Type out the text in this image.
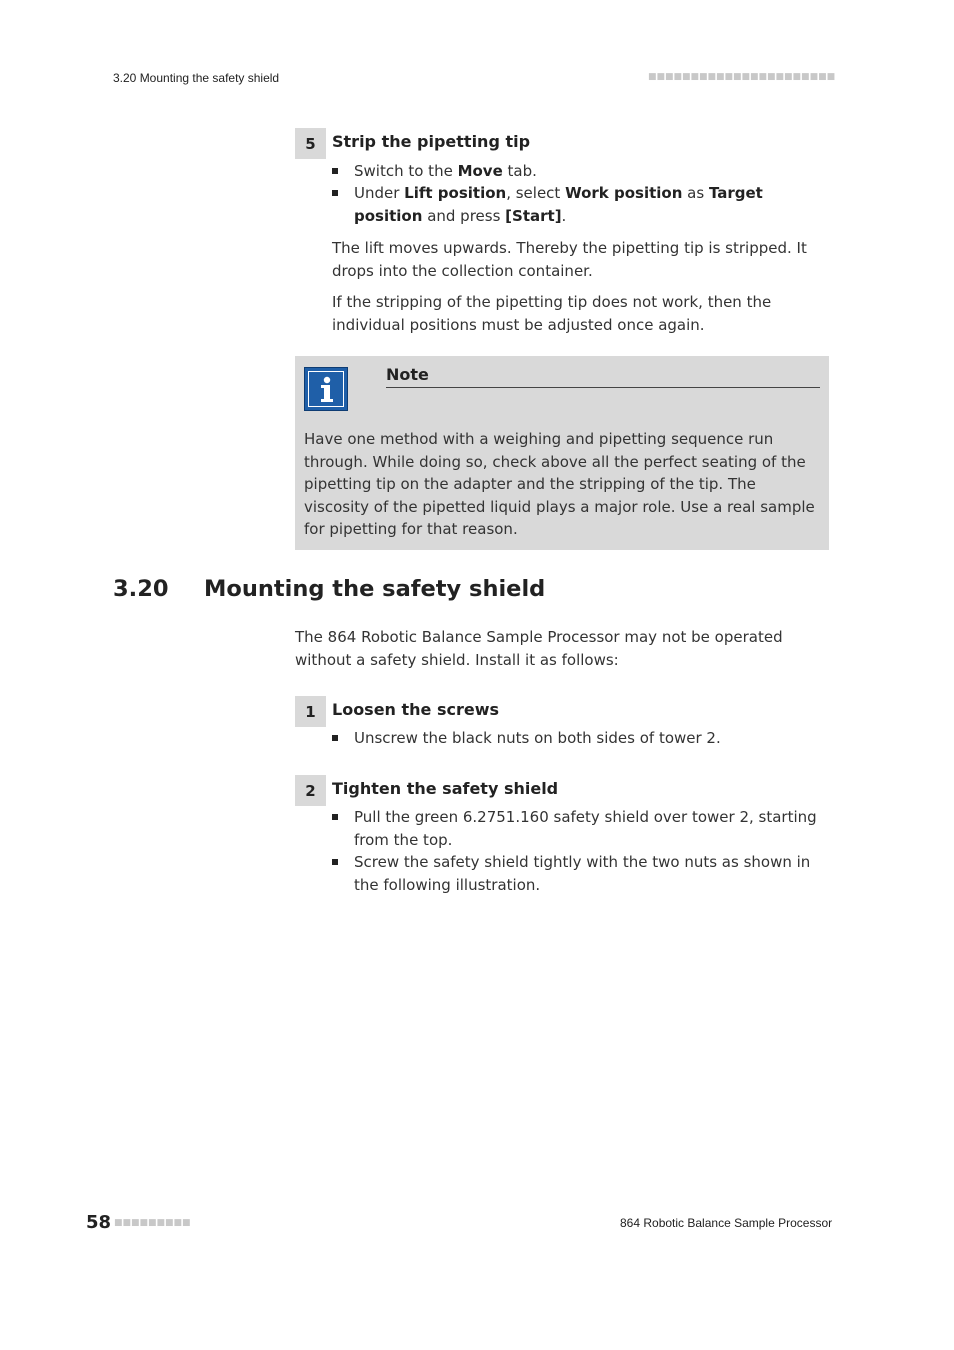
3.20 Mounting the safety shield	■■■■■■■■■■■■■■■■■■■■■■
5	Strip the pipetting tip
Switch to the Move tab.
Under Lift position, select Work position as Target position and press [Start].
The lift moves upwards. Thereby the pipetting tip is stripped. It drops into the collection container.
If the stripping of the pipetting tip does not work, then the individual positions must be adjusted once again.
Note
Have one method with a weighing and pipetting sequence run through. While doing so, check above all the perfect seating of the pipetting tip on the adapter and the stripping of the tip. The viscosity of the pipetted liquid plays a major role. Use a real sample for pipetting for that reason.
3.20 Mounting the safety shield
The 864 Robotic Balance Sample Processor may not be operated without a safety shield. Install it as follows:
1	Loosen the screws
Unscrew the black nuts on both sides of tower 2.
2	Tighten the safety shield
Pull the green 6.2751.160 safety shield over tower 2, starting from the top.
Screw the safety shield tightly with the two nuts as shown in the following illustration.
58 ■■■■■■■■■	864 Robotic Balance Sample Processor
